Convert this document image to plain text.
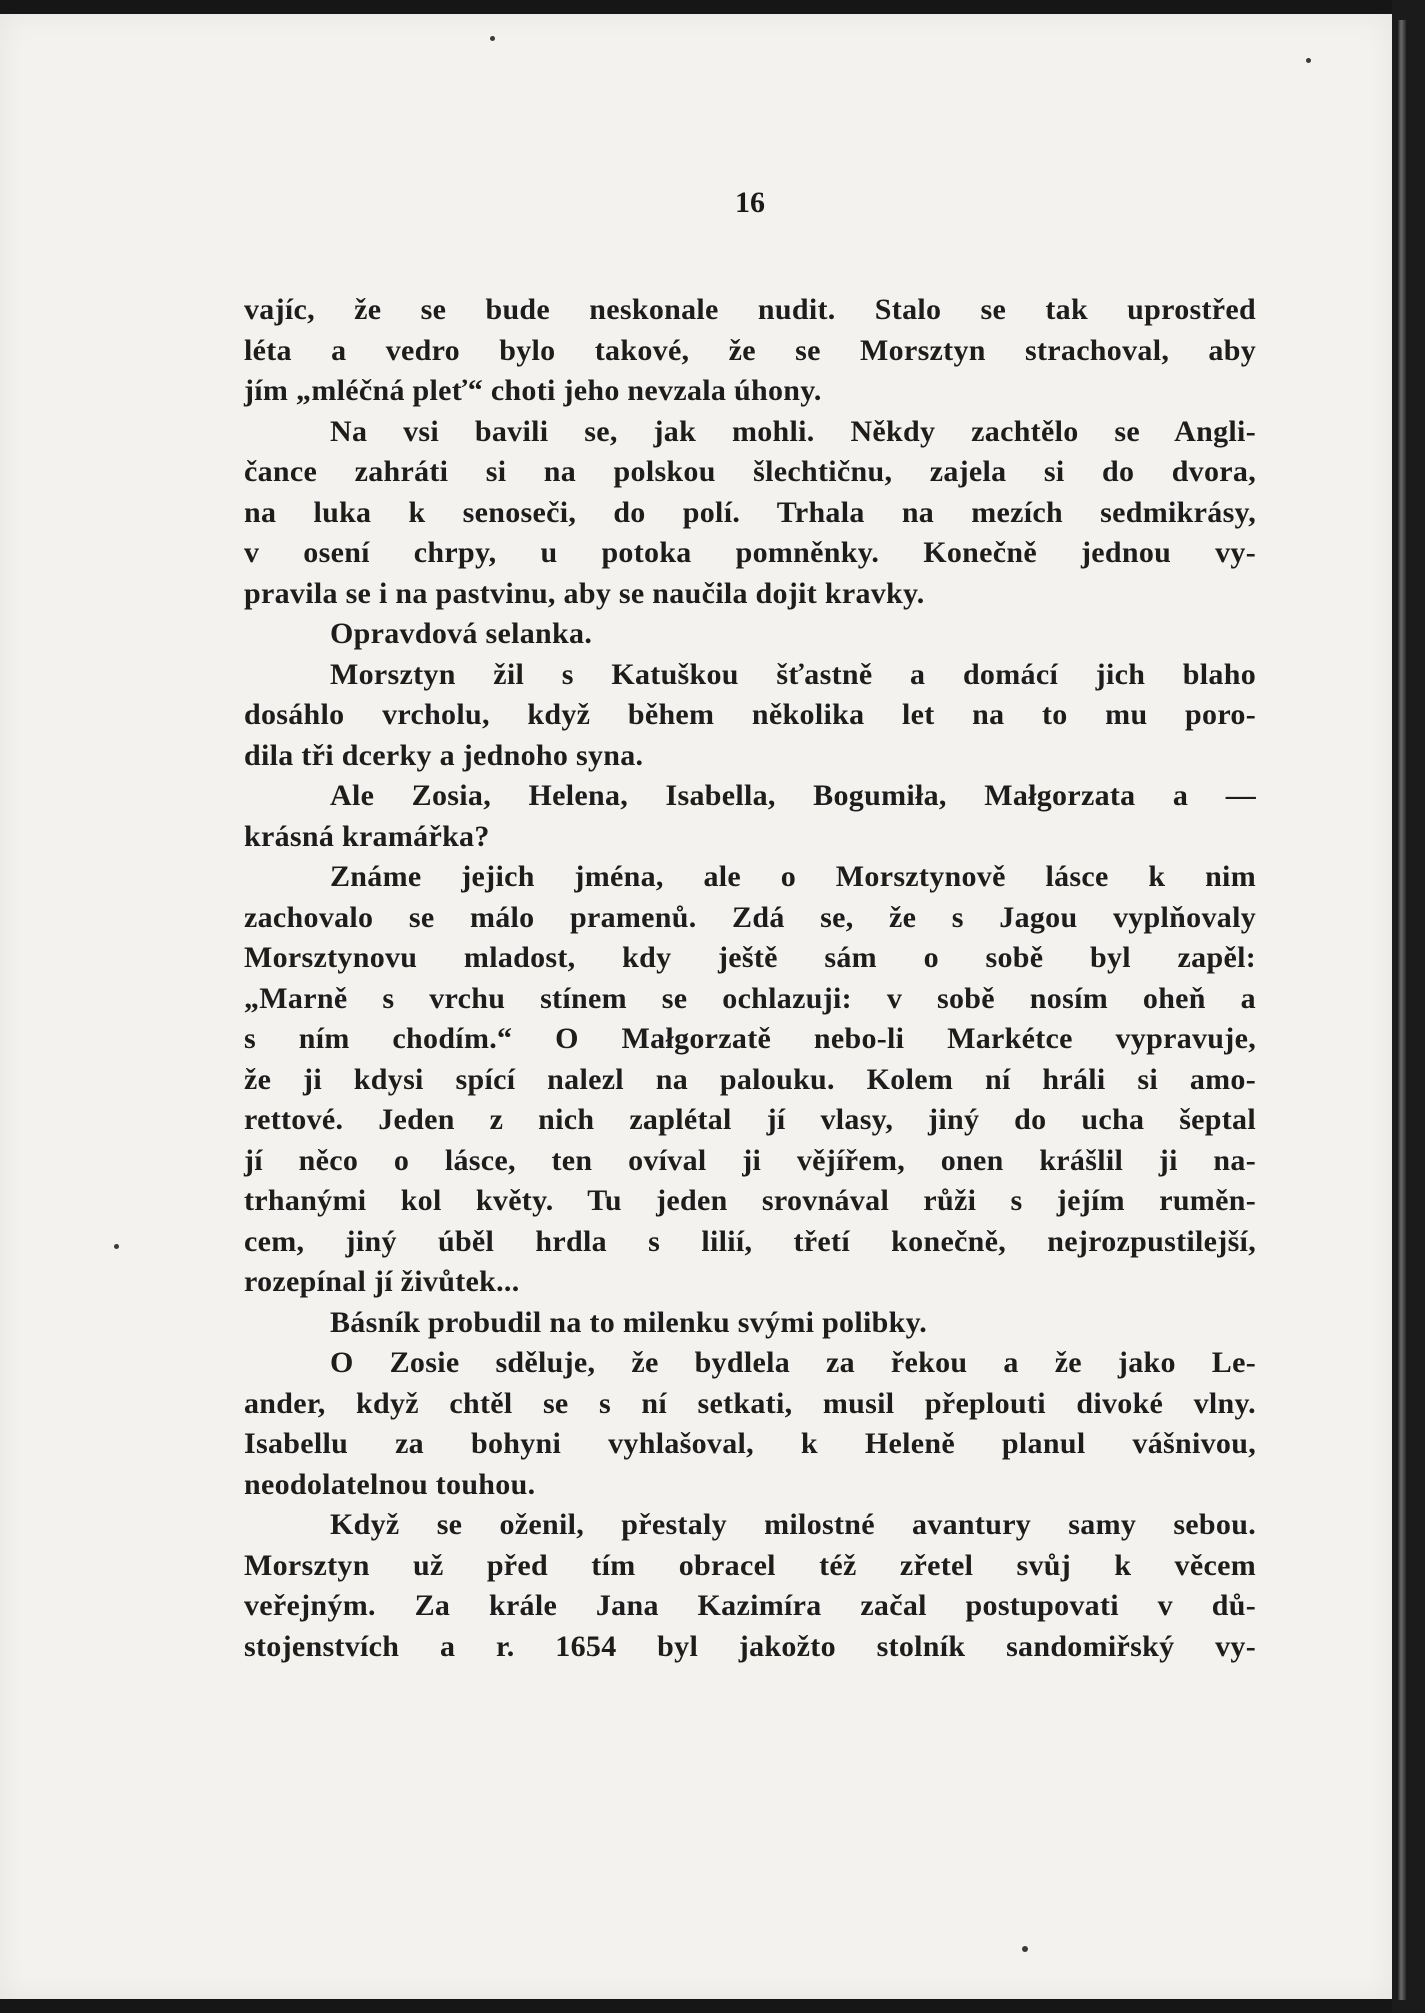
16
vajíc, že se bude neskonale nudit. Stalo se tak uprostřed
léta a vedro bylo takové, že se Morsztyn strachoval, aby
jím „mléčná pleť“ choti jeho nevzala úhony.
Na vsi bavili se, jak mohli. Někdy zachtělo se Angli-
čance zahráti si na polskou šlechtičnu, zajela si do dvora,
na luka k senoseči, do polí. Trhala na mezích sedmikrásy,
v osení chrpy, u potoka pomněnky. Konečně jednou vy-
pravila se i na pastvinu, aby se naučila dojit kravky.
Opravdová selanka.
Morsztyn žil s Katuškou šťastně a domácí jich blaho
dosáhlo vrcholu, když během několika let na to mu poro-
dila tři dcerky a jednoho syna.
Ale Zosia, Helena, Isabella, Bogumiła, Małgorzata a —
krásná kramářka?
Známe jejich jména, ale o Morsztynově lásce k nim
zachovalo se málo pramenů. Zdá se, že s Jagou vyplňovaly
Morsztynovu mladost, kdy ještě sám o sobě byl zapěl:
„Marně s vrchu stínem se ochlazuji: v sobě nosím oheň a
s ním chodím.“ O Małgorzatě nebo-li Markétce vypravuje,
že ji kdysi spící nalezl na palouku. Kolem ní hráli si amo-
rettové. Jeden z nich zaplétal jí vlasy, jiný do ucha šeptal
jí něco o lásce, ten ovíval ji vějířem, onen krášlil ji na-
trhanými kol květy. Tu jeden srovnával růži s jejím ruměn-
cem, jiný úběl hrdla s lilií, třetí konečně, nejrozpustilejší,
rozepínal jí živůtek...
Básník probudil na to milenku svými polibky.
O Zosie sděluje, že bydlela za řekou a že jako Le-
ander, když chtěl se s ní setkati, musil přeplouti divoké vlny.
Isabellu za bohyni vyhlašoval, k Heleně planul vášnivou,
neodolatelnou touhou.
Když se oženil, přestaly milostné avantury samy sebou.
Morsztyn už před tím obracel též zřetel svůj k věcem
veřejným. Za krále Jana Kazimíra začal postupovati v dů-
stojenstvích a r. 1654 byl jakožto stolník sandomiřský vy-
